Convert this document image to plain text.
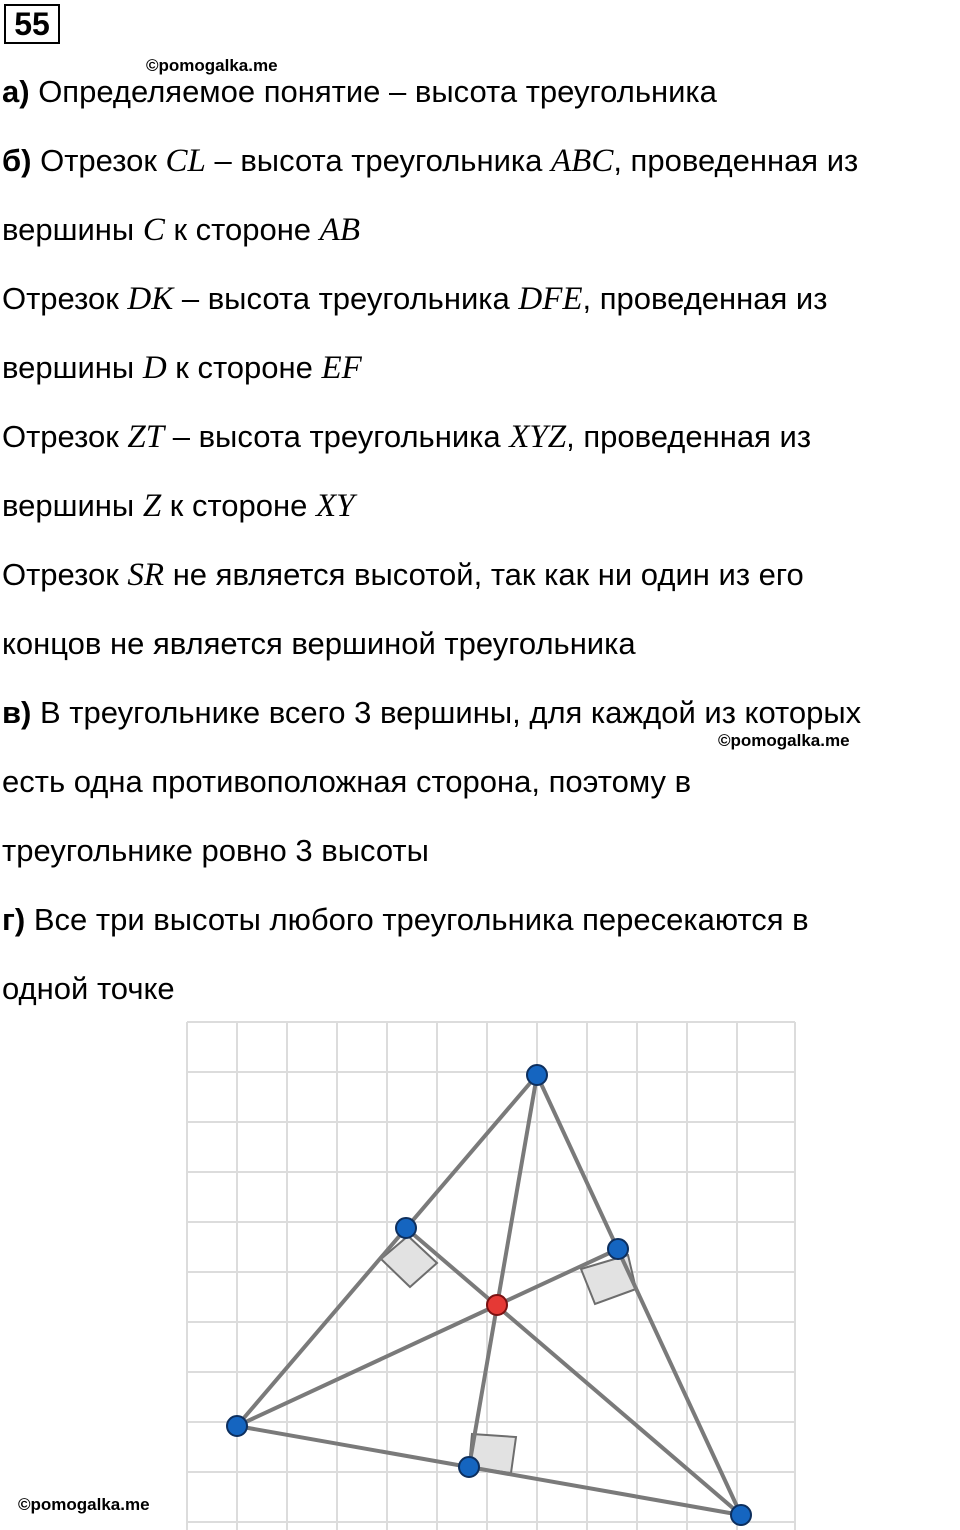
55
©pomogalka.me
а) Определяемое понятие – высота треугольника
б) Отрезок CL – высота треугольника ABC, проведенная из
вершины C к стороне AB
Отрезок DK – высота треугольника DFE, проведенная из
вершины D к стороне EF
Отрезок ZT – высота треугольника XYZ, проведенная из
вершины Z к стороне XY
Отрезок SR не является высотой, так как ни один из его
концов не является вершиной треугольника
в) В треугольнике всего 3 вершины, для каждой из которых
©pomogalka.me
есть одна противоположная сторона, поэтому в
треугольнике ровно 3 высоты
г) Все три высоты любого треугольника пересекаются в
одной точке
©pomogalka.me
